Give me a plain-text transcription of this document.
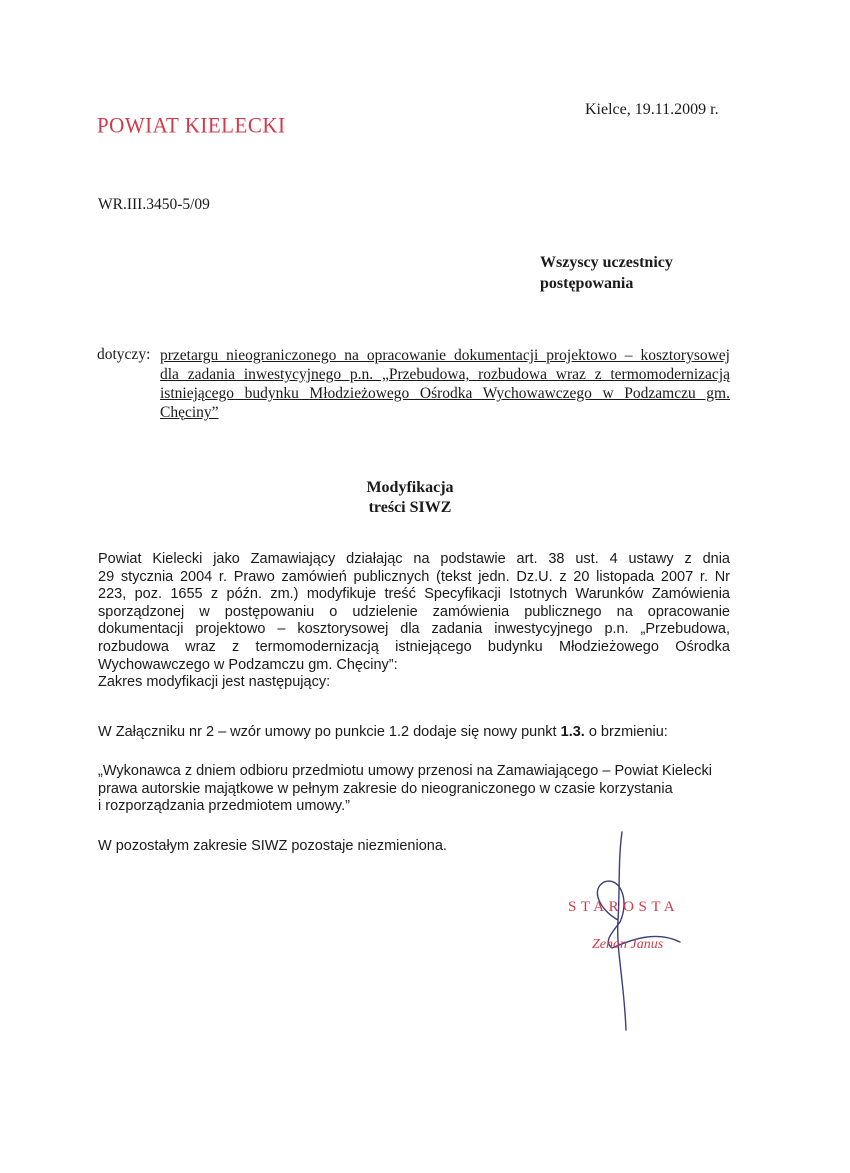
POWIAT KIELECKI
Kielce, 19.11.2009 r.
WR.III.3450-5/09
Wszyscy uczestnicy
postępowania
dotyczy: przetargu nieograniczonego na opracowanie dokumentacji projektowo – kosztorysowej
dla zadania inwestycyjnego p.n. „Przebudowa, rozbudowa wraz z termomodernizacją
istniejącego budynku Młodzieżowego Ośrodka Wychowawczego w Podzamczu gm.
Chęciny”
Modyfikacja
treści SIWZ
Powiat Kielecki jako Zamawiający działając na podstawie art. 38 ust. 4 ustawy z dnia
29 stycznia 2004 r. Prawo zamówień publicznych (tekst jedn. Dz.U. z 20 listopada 2007 r. Nr
223, poz. 1655 z późn. zm.) modyfikuje treść Specyfikacji Istotnych Warunków Zamówienia
sporządzonej w postępowaniu o udzielenie zamówienia publicznego na opracowanie
dokumentacji projektowo – kosztorysowej dla zadania inwestycyjnego p.n. „Przebudowa,
rozbudowa wraz z termomodernizacją istniejącego budynku Młodzieżowego Ośrodka
Wychowawczego w Podzamczu gm. Chęciny”:
Zakres modyfikacji jest następujący:
W Załączniku nr 2 – wzór umowy po punkcie 1.2 dodaje się nowy punkt 1.3. o brzmieniu:
„Wykonawca z dniem odbioru przedmiotu umowy przenosi na Zamawiającego – Powiat Kielecki
prawa autorskie majątkowe w pełnym zakresie do nieograniczonego w czasie korzystania
i rozporządzania przedmiotem umowy.”
W pozostałym zakresie SIWZ pozostaje niezmieniona.
STAROSTA
Zenon Janus
